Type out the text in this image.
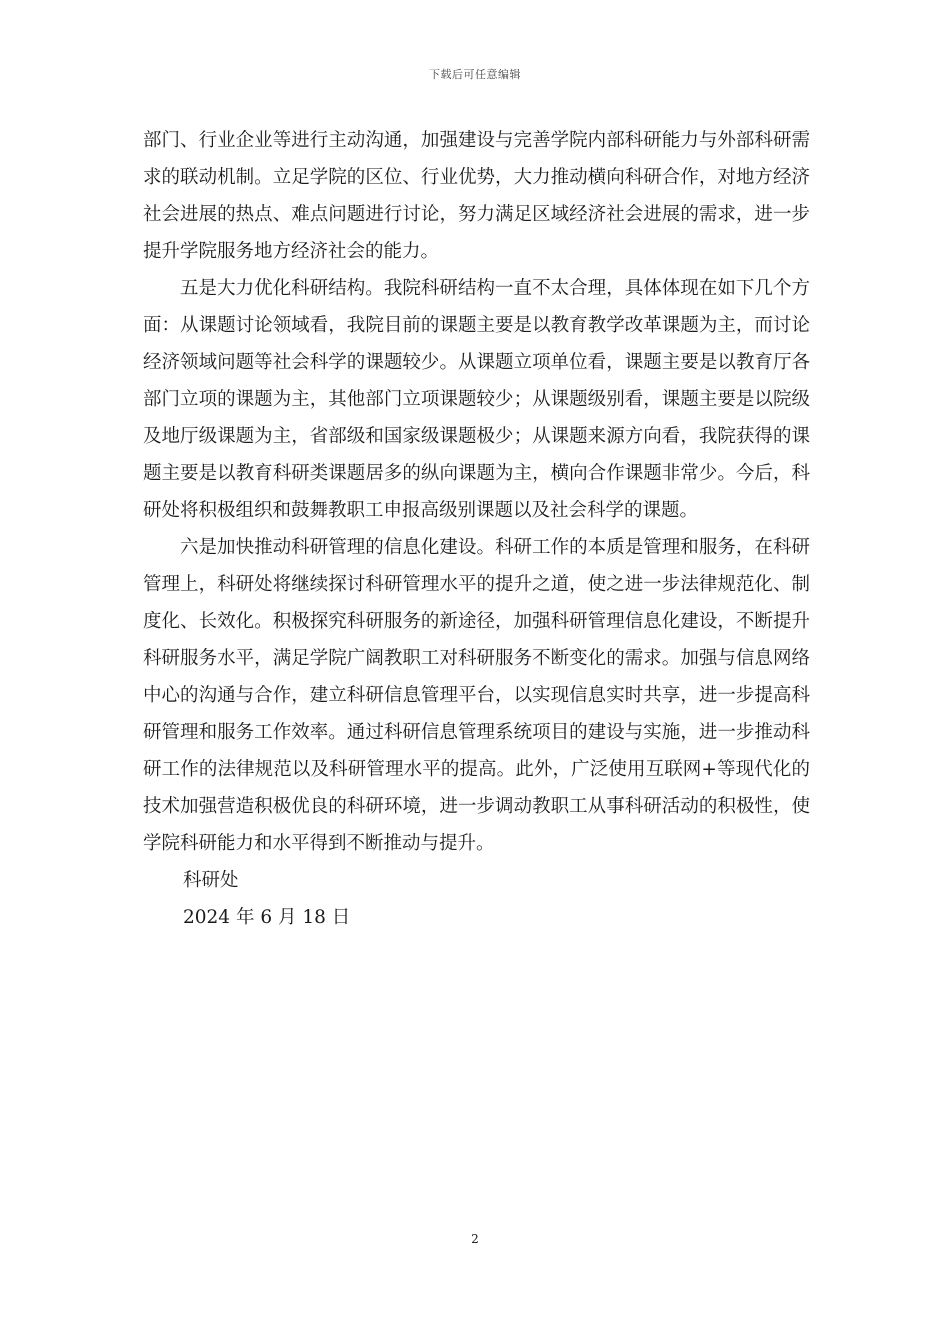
下载后可任意编辑

部门、行业企业等进行主动沟通，加强建设与完善学院内部科研能力与外部科研需求的联动机制。立足学院的区位、行业优势，大力推动横向科研合作，对地方经济社会进展的热点、难点问题进行讨论，努力满足区域经济社会进展的需求，进一步提升学院服务地方经济社会的能力。

五是大力优化科研结构。我院科研结构一直不太合理，具体体现在如下几个方面：从课题讨论领域看，我院目前的课题主要是以教育教学改革课题为主，而讨论经济领域问题等社会科学的课题较少。从课题立项单位看，课题主要是以教育厅各部门立项的课题为主，其他部门立项课题较少；从课题级别看，课题主要是以院级及地厅级课题为主，省部级和国家级课题极少；从课题来源方向看，我院获得的课题主要是以教育科研类课题居多的纵向课题为主，横向合作课题非常少。今后，科研处将积极组织和鼓舞教职工申报高级别课题以及社会科学的课题。

六是加快推动科研管理的信息化建设。科研工作的本质是管理和服务，在科研管理上，科研处将继续探讨科研管理水平的提升之道，使之进一步法律规范化、制度化、长效化。积极探究科研服务的新途径，加强科研管理信息化建设，不断提升科研服务水平，满足学院广阔教职工对科研服务不断变化的需求。加强与信息网络中心的沟通与合作，建立科研信息管理平台，以实现信息实时共享，进一步提高科研管理和服务工作效率。通过科研信息管理系统项目的建设与实施，进一步推动科研工作的法律规范以及科研管理水平的提高。此外，广泛使用互联网+等现代化的技术加强营造积极优良的科研环境，进一步调动教职工从事科研活动的积极性，使学院科研能力和水平得到不断推动与提升。

科研处

2024 年 6 月 18 日

2
